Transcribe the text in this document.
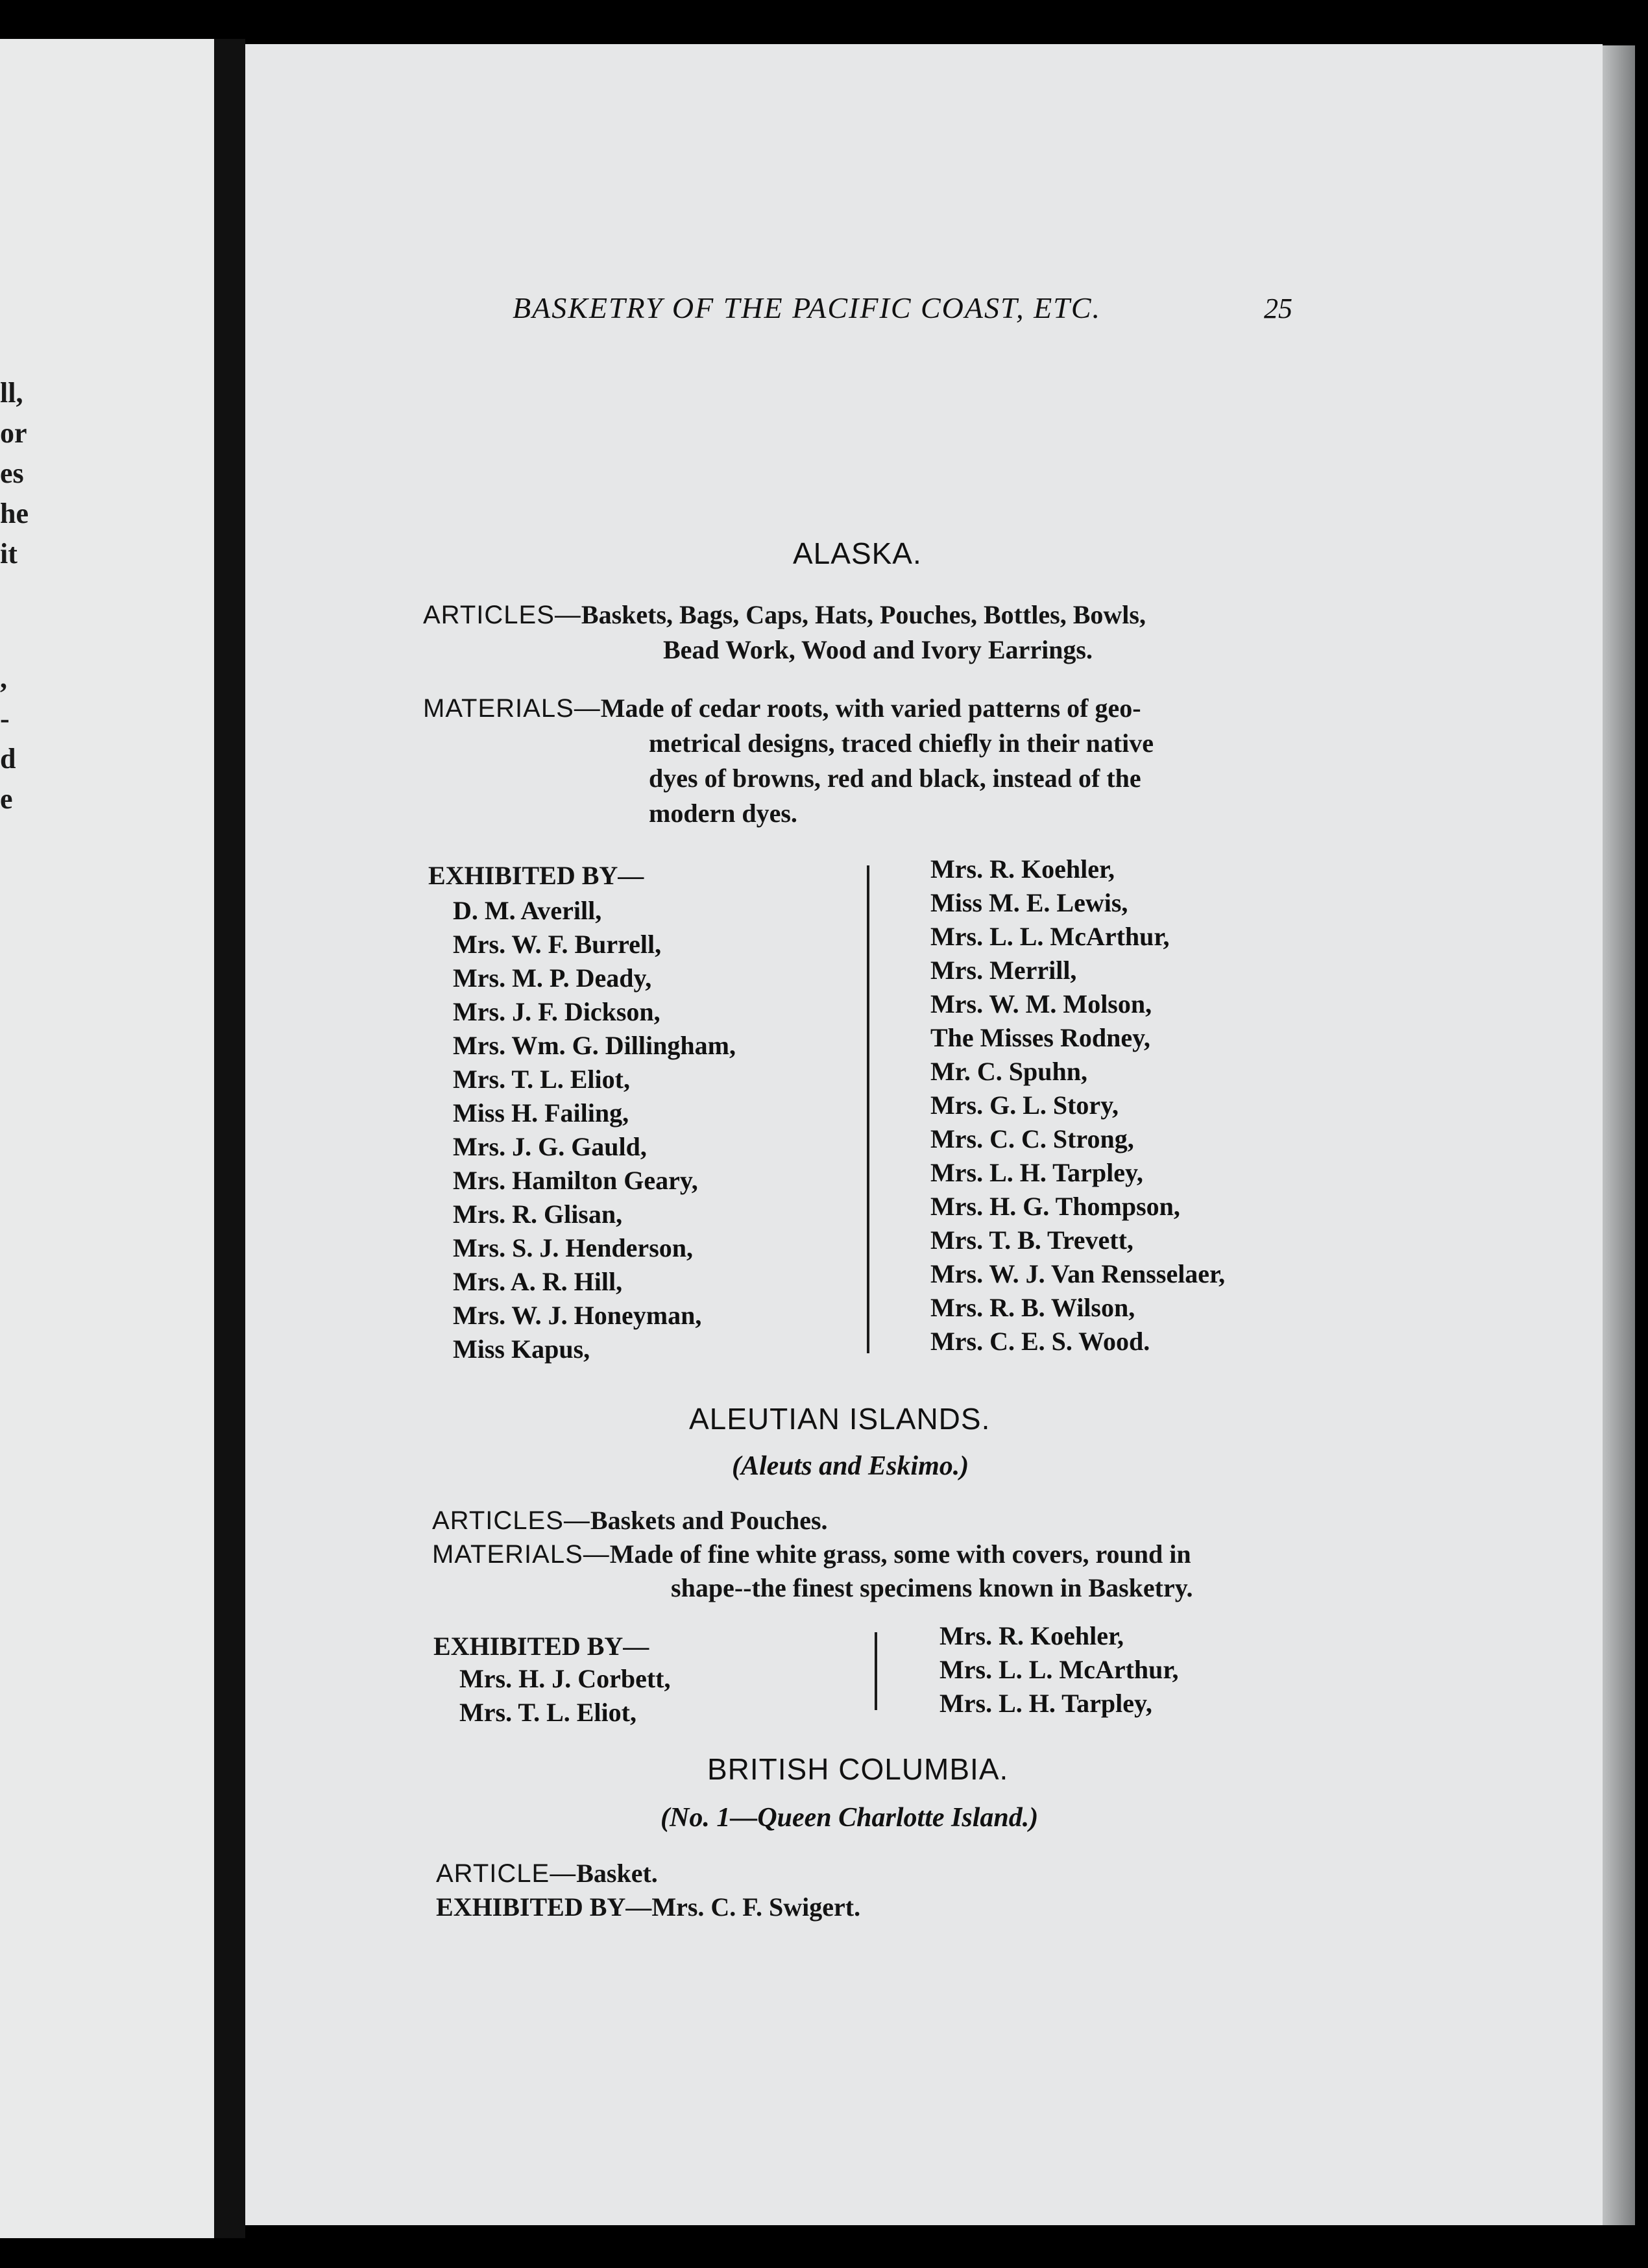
ll,
or
es
he
it
,
-
d
e
BASKETRY OF THE PACIFIC COAST, ETC.	25
ALASKA.
ARTICLES—Baskets, Bags, Caps, Hats, Pouches, Bottles, Bowls,
Bead Work, Wood and Ivory Earrings.
MATERIALS—Made of cedar roots, with varied patterns of geo-
metrical designs, traced chiefly in their native
dyes of browns, red and black, instead of the
modern dyes.
EXHIBITED BY—
D. M. Averill,
Mrs. W. F. Burrell,
Mrs. M. P. Deady,
Mrs. J. F. Dickson,
Mrs. Wm. G. Dillingham,
Mrs. T. L. Eliot,
Miss H. Failing,
Mrs. J. G. Gauld,
Mrs. Hamilton Geary,
Mrs. R. Glisan,
Mrs. S. J. Henderson,
Mrs. A. R. Hill,
Mrs. W. J. Honeyman,
Miss Kapus,
Mrs. R. Koehler,
Miss M. E. Lewis,
Mrs. L. L. McArthur,
Mrs. Merrill,
Mrs. W. M. Molson,
The Misses Rodney,
Mr. C. Spuhn,
Mrs. G. L. Story,
Mrs. C. C. Strong,
Mrs. L. H. Tarpley,
Mrs. H. G. Thompson,
Mrs. T. B. Trevett,
Mrs. W. J. Van Rensselaer,
Mrs. R. B. Wilson,
Mrs. C. E. S. Wood.
ALEUTIAN ISLANDS.
(Aleuts and Eskimo.)
ARTICLES—Baskets and Pouches.
MATERIALS—Made of fine white grass, some with covers, round in
shape--the finest specimens known in Basketry.
EXHIBITED BY—
Mrs. H. J. Corbett,
Mrs. T. L. Eliot,
Mrs. R. Koehler,
Mrs. L. L. McArthur,
Mrs. L. H. Tarpley,
BRITISH COLUMBIA.
(No. 1—Queen Charlotte Island.)
ARTICLE—Basket.
EXHIBITED BY—Mrs. C. F. Swigert.
